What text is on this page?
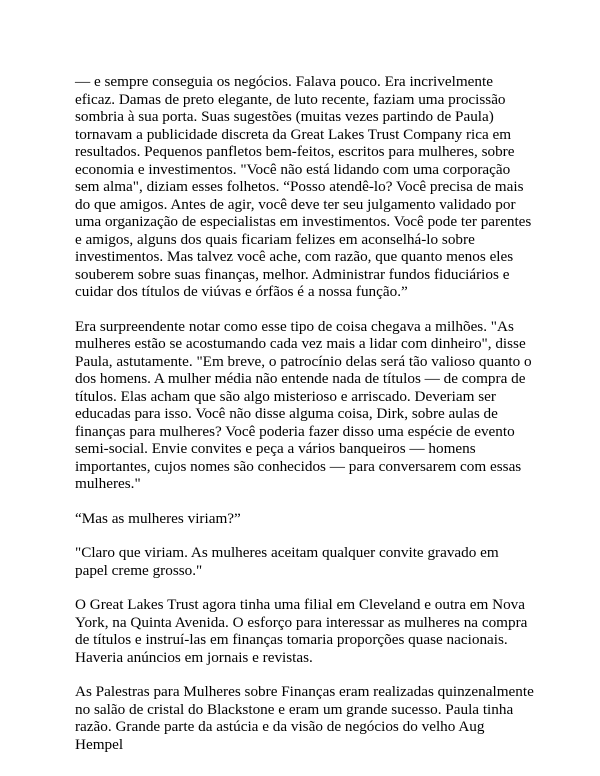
— e sempre conseguia os negócios. Falava pouco. Era incrivelmente eficaz. Damas de preto elegante, de luto recente, faziam uma procissão sombria à sua porta. Suas sugestões (muitas vezes partindo de Paula) tornavam a publicidade discreta da Great Lakes Trust Company rica em resultados. Pequenos panfletos bem-feitos, escritos para mulheres, sobre economia e investimentos. "Você não está lidando com uma corporação sem alma", diziam esses folhetos. “Posso atendê-lo? Você precisa de mais do que amigos. Antes de agir, você deve ter seu julgamento validado por uma organização de especialistas em investimentos. Você pode ter parentes e amigos, alguns dos quais ficariam felizes em aconselhá-lo sobre investimentos. Mas talvez você ache, com razão, que quanto menos eles souberem sobre suas finanças, melhor. Administrar fundos fiduciários e cuidar dos títulos de viúvas e órfãos é a nossa função.”

Era surpreendente notar como esse tipo de coisa chegava a milhões. "As mulheres estão se acostumando cada vez mais a lidar com dinheiro", disse Paula, astutamente. "Em breve, o patrocínio delas será tão valioso quanto o dos homens. A mulher média não entende nada de títulos — de compra de títulos. Elas acham que são algo misterioso e arriscado. Deveriam ser educadas para isso. Você não disse alguma coisa, Dirk, sobre aulas de finanças para mulheres? Você poderia fazer disso uma espécie de evento semi-social. Envie convites e peça a vários banqueiros — homens importantes, cujos nomes são conhecidos — para conversarem com essas mulheres."

“Mas as mulheres viriam?”

"Claro que viriam. As mulheres aceitam qualquer convite gravado em papel creme grosso."

O Great Lakes Trust agora tinha uma filial em Cleveland e outra em Nova York, na Quinta Avenida. O esforço para interessar as mulheres na compra de títulos e instruí-las em finanças tomaria proporções quase nacionais. Haveria anúncios em jornais e revistas.

As Palestras para Mulheres sobre Finanças eram realizadas quinzenalmente no salão de cristal do Blackstone e eram um grande sucesso. Paula tinha razão. Grande parte da astúcia e da visão de negócios do velho Aug Hempel
